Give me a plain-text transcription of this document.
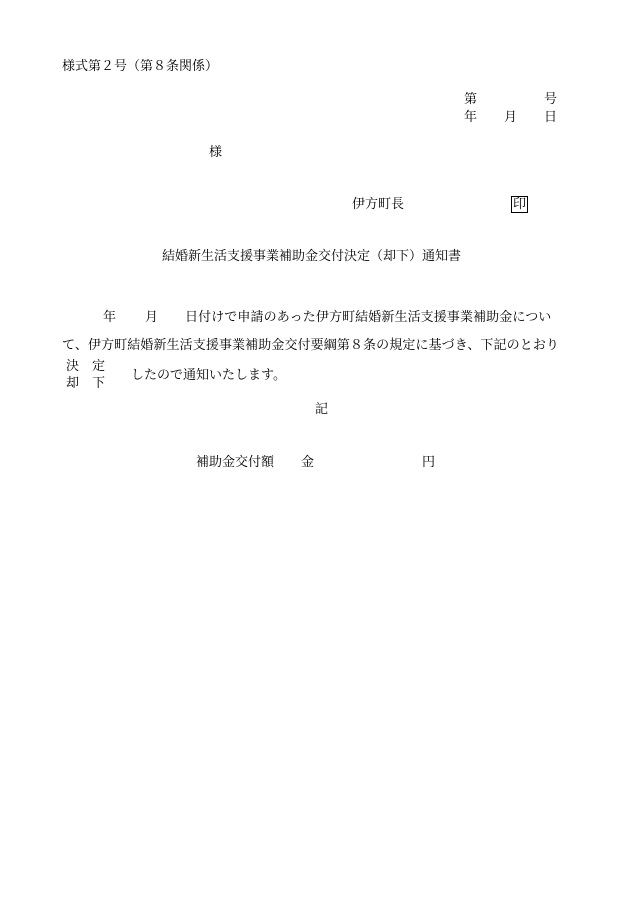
様式第２号（第８条関係）
第	号
年 月 日
様
伊方町長	印
結婚新生活支援事業補助金交付決定（却下）通知書
年 月 日付けで申請のあった伊方町結婚新生活支援事業補助金につい
て、伊方町結婚新生活支援事業補助金交付要綱第８条の規定に基づき、下記のとおり
決　定
却　下
したので通知いたします。
記
補助金交付額 金	円
